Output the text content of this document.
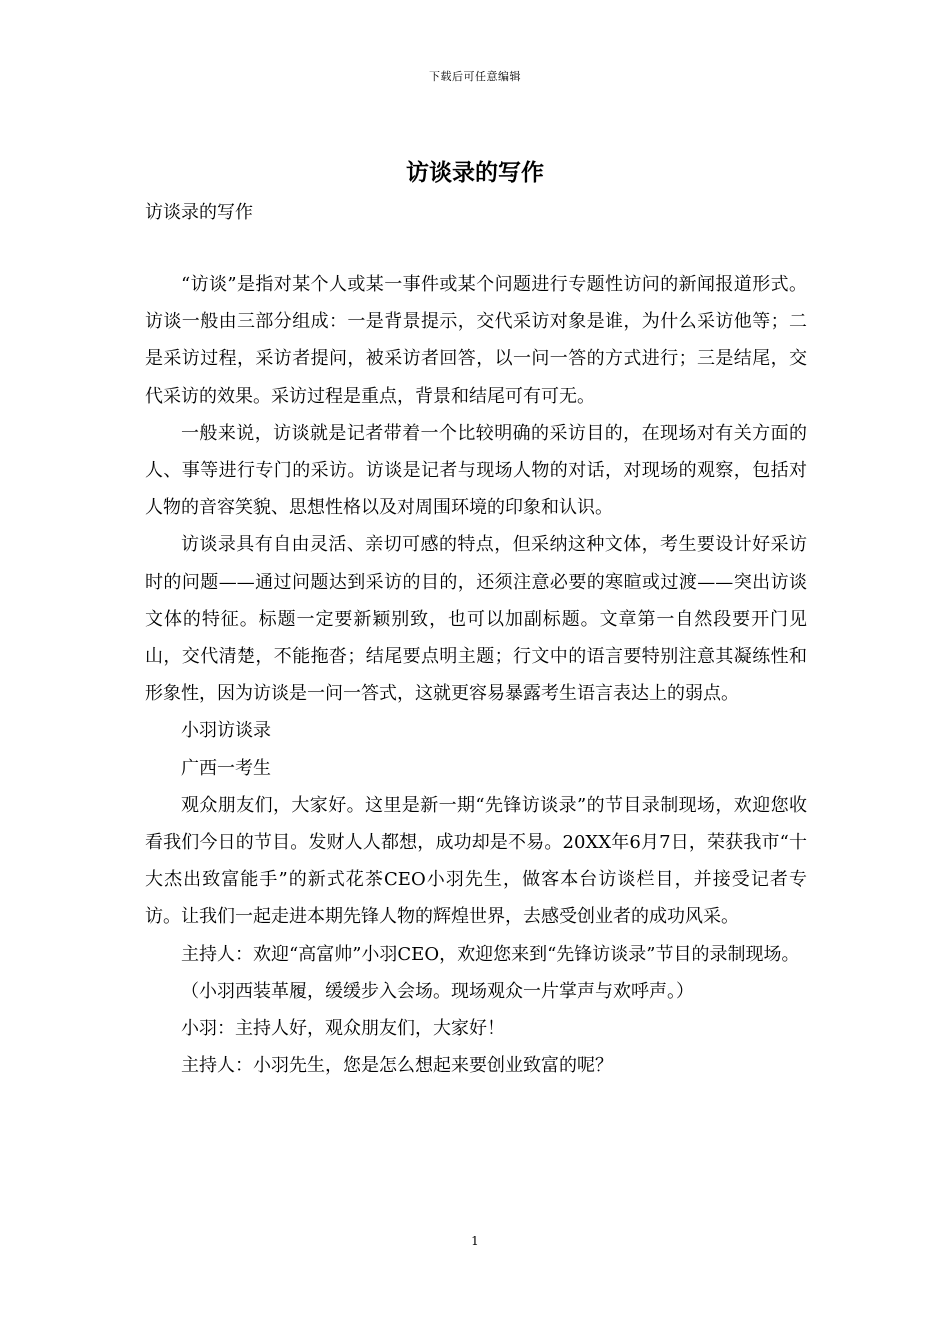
下载后可任意编辑
访谈录的写作
访谈录的写作

“访谈”是指对某个人或某一事件或某个问题进行专题性访问的新闻报道形式。访谈一般由三部分组成：一是背景提示，交代采访对象是谁，为什么采访他等；二是采访过程，采访者提问，被采访者回答，以一问一答的方式进行；三是结尾，交代采访的效果。采访过程是重点，背景和结尾可有可无。

一般来说，访谈就是记者带着一个比较明确的采访目的，在现场对有关方面的人、事等进行专门的采访。访谈是记者与现场人物的对话，对现场的观察，包括对人物的音容笑貌、思想性格以及对周围环境的印象和认识。

访谈录具有自由灵活、亲切可感的特点，但采纳这种文体，考生要设计好采访时的问题——通过问题达到采访的目的，还须注意必要的寒暄或过渡——突出访谈文体的特征。标题一定要新颖别致，也可以加副标题。文章第一自然段要开门见山，交代清楚，不能拖沓；结尾要点明主题；行文中的语言要特别注意其凝练性和形象性，因为访谈是一问一答式，这就更容易暴露考生语言表达上的弱点。

小羽访谈录

广西一考生

观众朋友们，大家好。这里是新一期“先锋访谈录”的节目录制现场，欢迎您收看我们今日的节目。发财人人都想，成功却是不易。20XX年6月7日，荣获我市“十大杰出致富能手”的新式花茶CEO小羽先生，做客本台访谈栏目，并接受记者专访。让我们一起走进本期先锋人物的辉煌世界，去感受创业者的成功风采。

主持人：欢迎“高富帅”小羽CEO，欢迎您来到“先锋访谈录”节目的录制现场。

（小羽西装革履，缓缓步入会场。现场观众一片掌声与欢呼声。）

小羽：主持人好，观众朋友们，大家好！

主持人：小羽先生，您是怎么想起来要创业致富的呢？

1
